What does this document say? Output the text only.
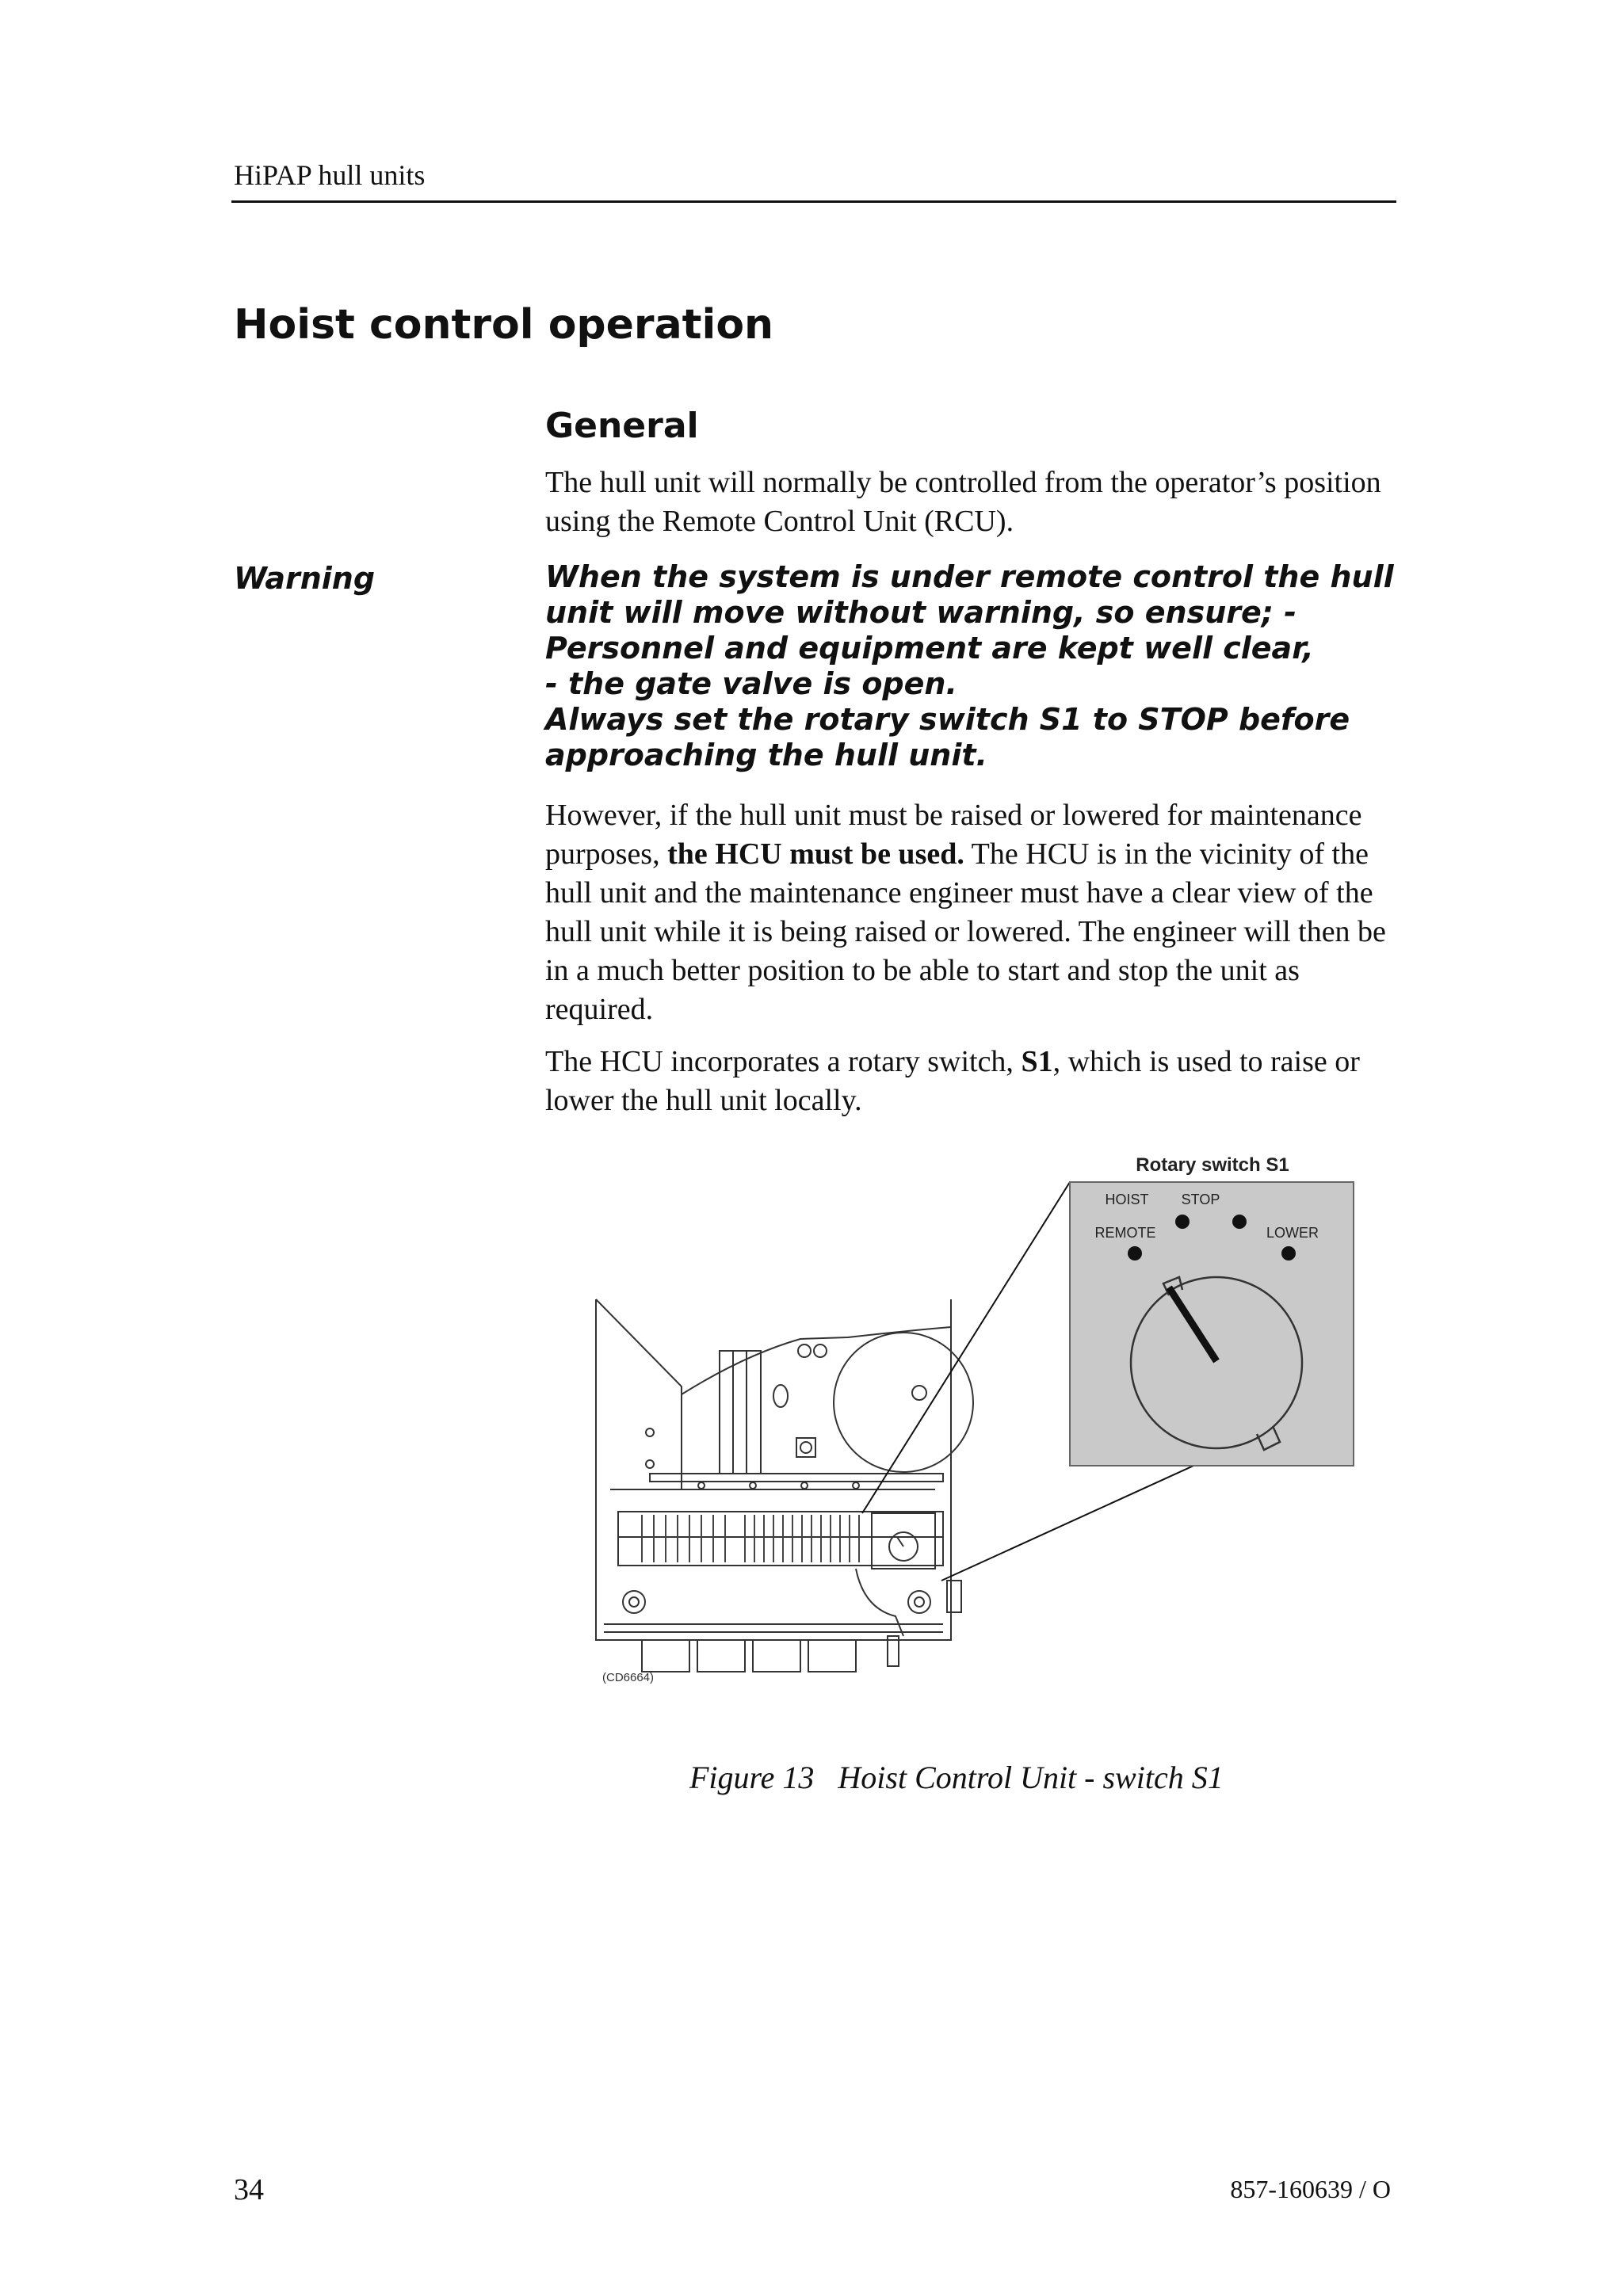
HiPAP hull units
Hoist control operation
General
The hull unit will normally be controlled from the operator’s position using the Remote Control Unit (RCU).
Warning	When the system is under remote control the hull
unit will move without warning, so ensure; -
Personnel and equipment are kept well clear,
- the gate valve is open.
Always set the rotary switch S1 to STOP before
approaching the hull unit.
However, if the hull unit must be raised or lowered for maintenance purposes, the HCU must be used. The HCU is in the vicinity of the hull unit and the maintenance engineer must have a clear view of the hull unit while it is being raised or lowered. The engineer will then be in a much better position to be able to start and stop the unit as required.
The HCU incorporates a rotary switch, S1, which is used to raise or lower the hull unit locally.
Rotary switch S1
HOIST STOP
REMOTE	LOWER
(CD6664)
Figure 13 Hoist Control Unit - switch S1
34	857-160639 / O
